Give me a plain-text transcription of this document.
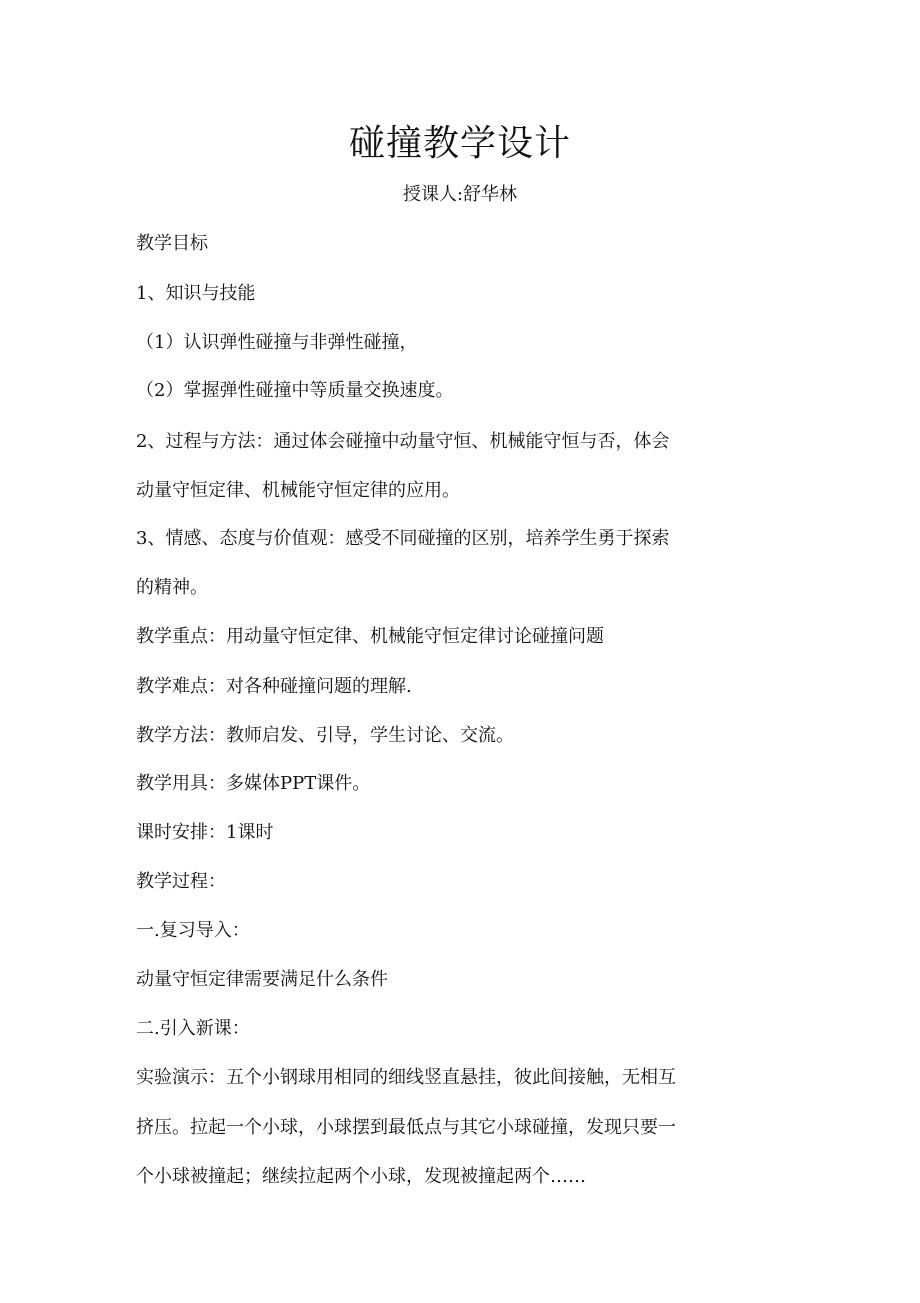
碰撞教学设计
授课人:舒华林
教学目标
1、知识与技能
（1）认识弹性碰撞与非弹性碰撞，
（2）掌握弹性碰撞中等质量交换速度。
2、过程与方法：通过体会碰撞中动量守恒、机械能守恒与否，体会
动量守恒定律、机械能守恒定律的应用。
3、情感、态度与价值观：感受不同碰撞的区别，培养学生勇于探索
的精神。
教学重点：用动量守恒定律、机械能守恒定律讨论碰撞问题
教学难点：对各种碰撞问题的理解.
教学方法：教师启发、引导，学生讨论、交流。
教学用具：多媒体PPT课件。
课时安排：1课时
教学过程：
一.复习导入：
动量守恒定律需要满足什么条件
二.引入新课：
实验演示：五个小钢球用相同的细线竖直悬挂，彼此间接触，无相互
挤压。拉起一个小球，小球摆到最低点与其它小球碰撞，发现只要一
个小球被撞起；继续拉起两个小球，发现被撞起两个……
